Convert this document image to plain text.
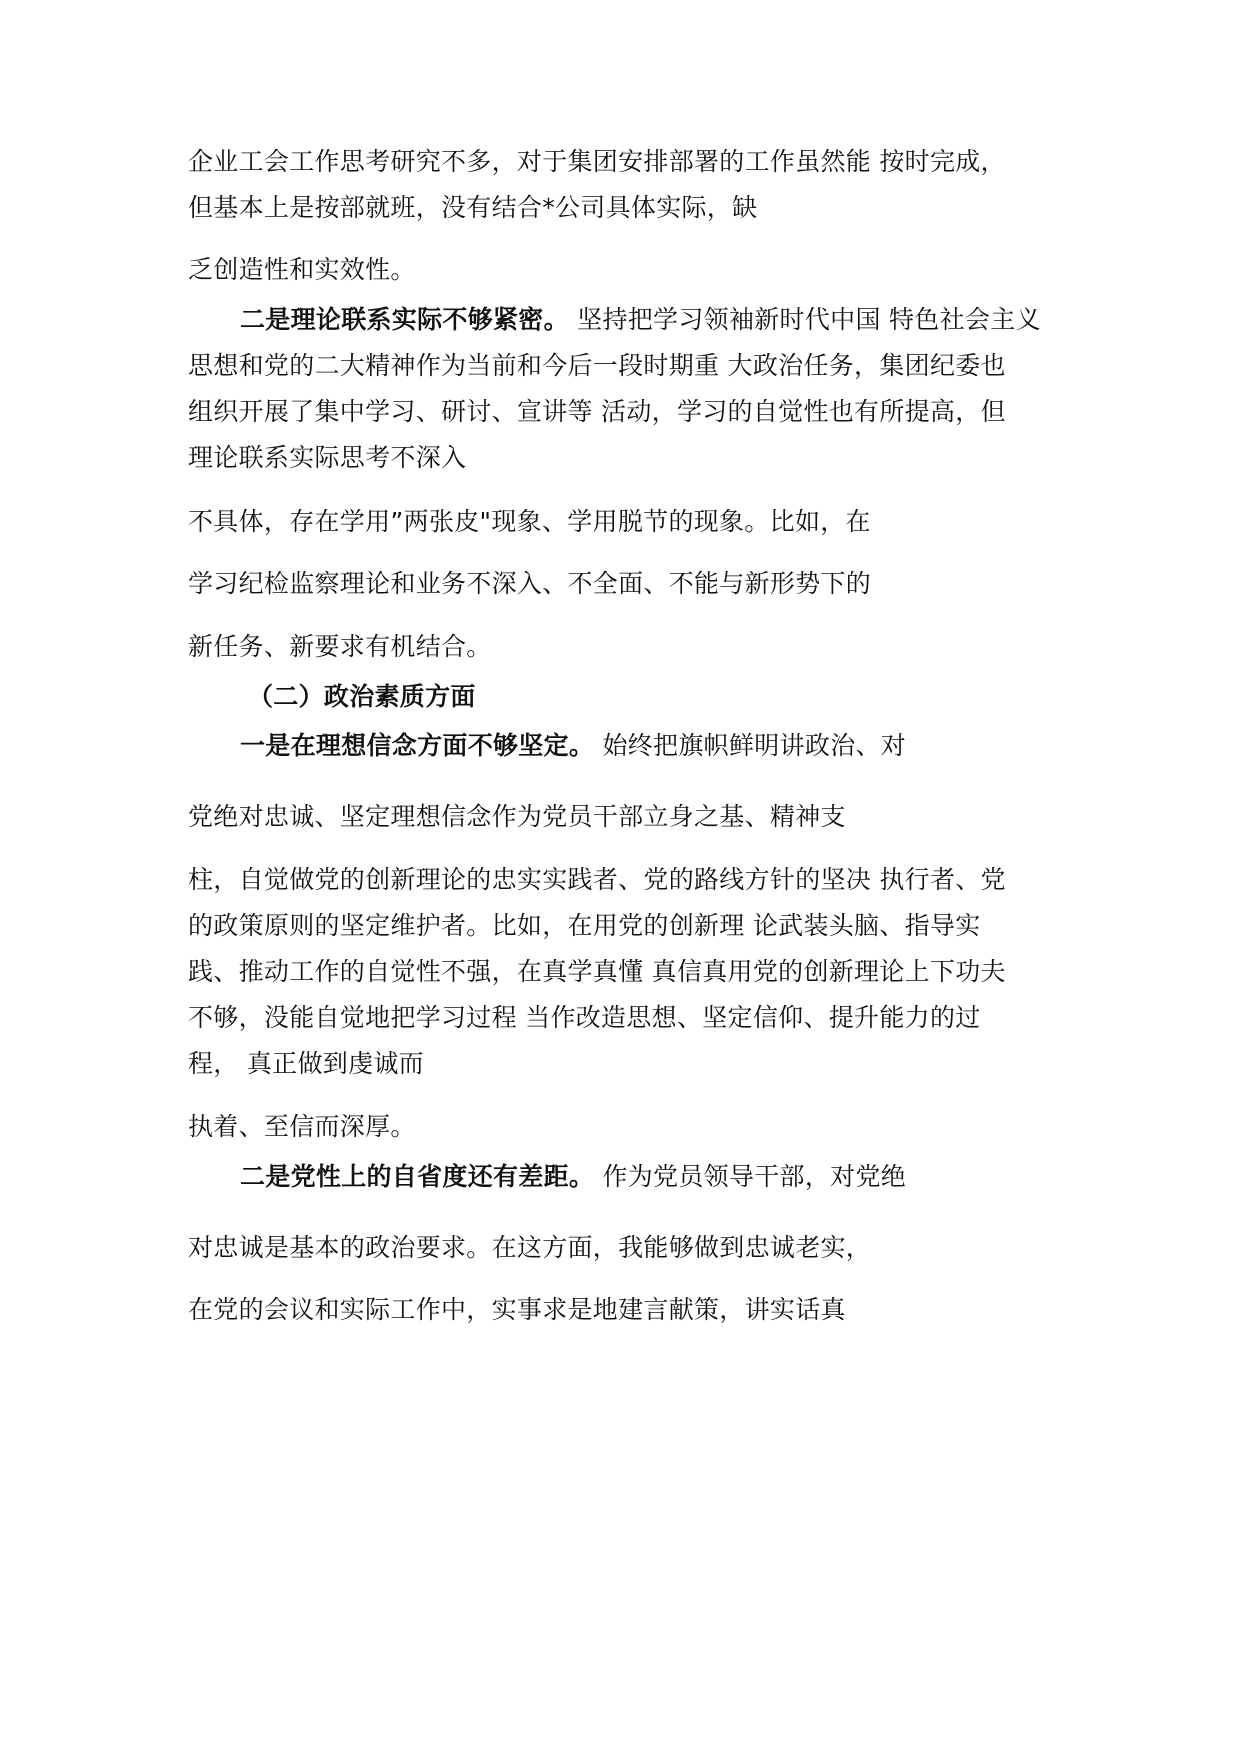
企业工会工作思考研究不多，对于集团安排部署的工作虽然能 按时完成，
但基本上是按部就班，没有结合*公司具体实际，缺
乏创造性和实效性。
二是理论联系实际不够紧密。 坚持把学习领袖新时代中国 特色社会主义
思想和党的二大精神作为当前和今后一段时期重 大政治任务，集团纪委也
组织开展了集中学习、研讨、宣讲等 活动，学习的自觉性也有所提高，但
理论联系实际思考不深入
不具体，存在学用”两张皮"现象、学用脱节的现象。比如，在
学习纪检监察理论和业务不深入、不全面、不能与新形势下的
新任务、新要求有机结合。
（二）政治素质方面
一是在理想信念方面不够坚定。 始终把旗帜鲜明讲政治、对
党绝对忠诚、坚定理想信念作为党员干部立身之基、精神支
柱，自觉做党的创新理论的忠实实践者、党的路线方针的坚决 执行者、党
的政策原则的坚定维护者。比如，在用党的创新理 论武装头脑、指导实
践、推动工作的自觉性不强，在真学真懂 真信真用党的创新理论上下功夫
不够，没能自觉地把学习过程 当作改造思想、坚定信仰、提升能力的过
程， 真正做到虔诚而
执着、至信而深厚。
二是党性上的自省度还有差距。 作为党员领导干部，对党绝
对忠诚是基本的政治要求。在这方面，我能够做到忠诚老实，
在党的会议和实际工作中，实事求是地建言献策，讲实话真
